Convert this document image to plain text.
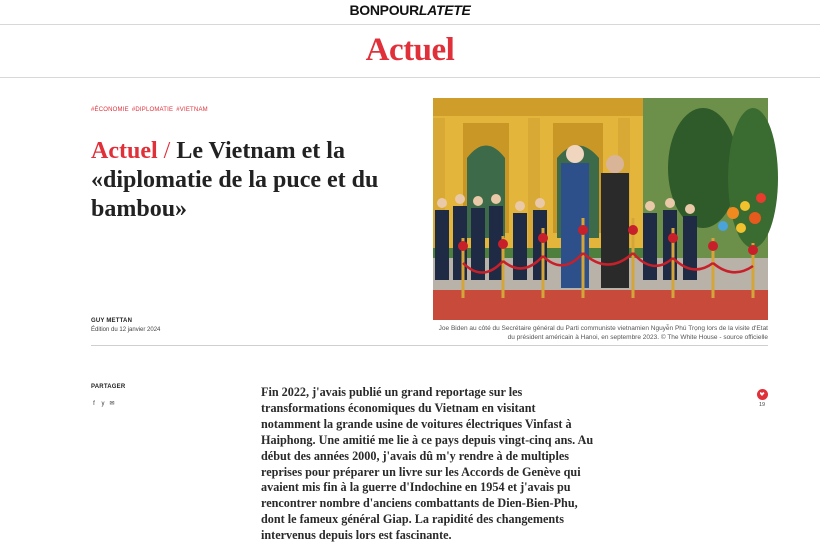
BONPOURLATETE
Actuel
#ÉCONOMIE #DIPLOMATIE #VIETNAM
Actuel / Le Vietnam et la «diplomatie de la puce et du bambou»
GUY METTAN
Édition du 12 janvier 2024	Joe Biden au côté du Secrétaire général du Parti communiste vietnamien Nguyễn Phú Trọng lors de la visite d'Etat du président américain à Hanoi, en septembre 2023. © The White House - source officielle
PARTAGER
f	y ✉
Fin 2022, j'avais publié un grand reportage sur les transformations économiques du Vietnam en visitant notamment la grande usine de voitures électriques Vinfast à Haiphong. Une amitié me lie à ce pays depuis vingt-cinq ans. Au début des années 2000, j'avais dû m'y rendre à de multiples reprises pour préparer un livre sur les Accords de Genève qui avaient mis fin à la guerre d'Indochine en 1954 et j'avais pu rencontrer nombre d'anciens combattants de Dien-Bien-Phu, dont le fameux général Giap. La rapidité des changements intervenus depuis lors est fascinante.
19
